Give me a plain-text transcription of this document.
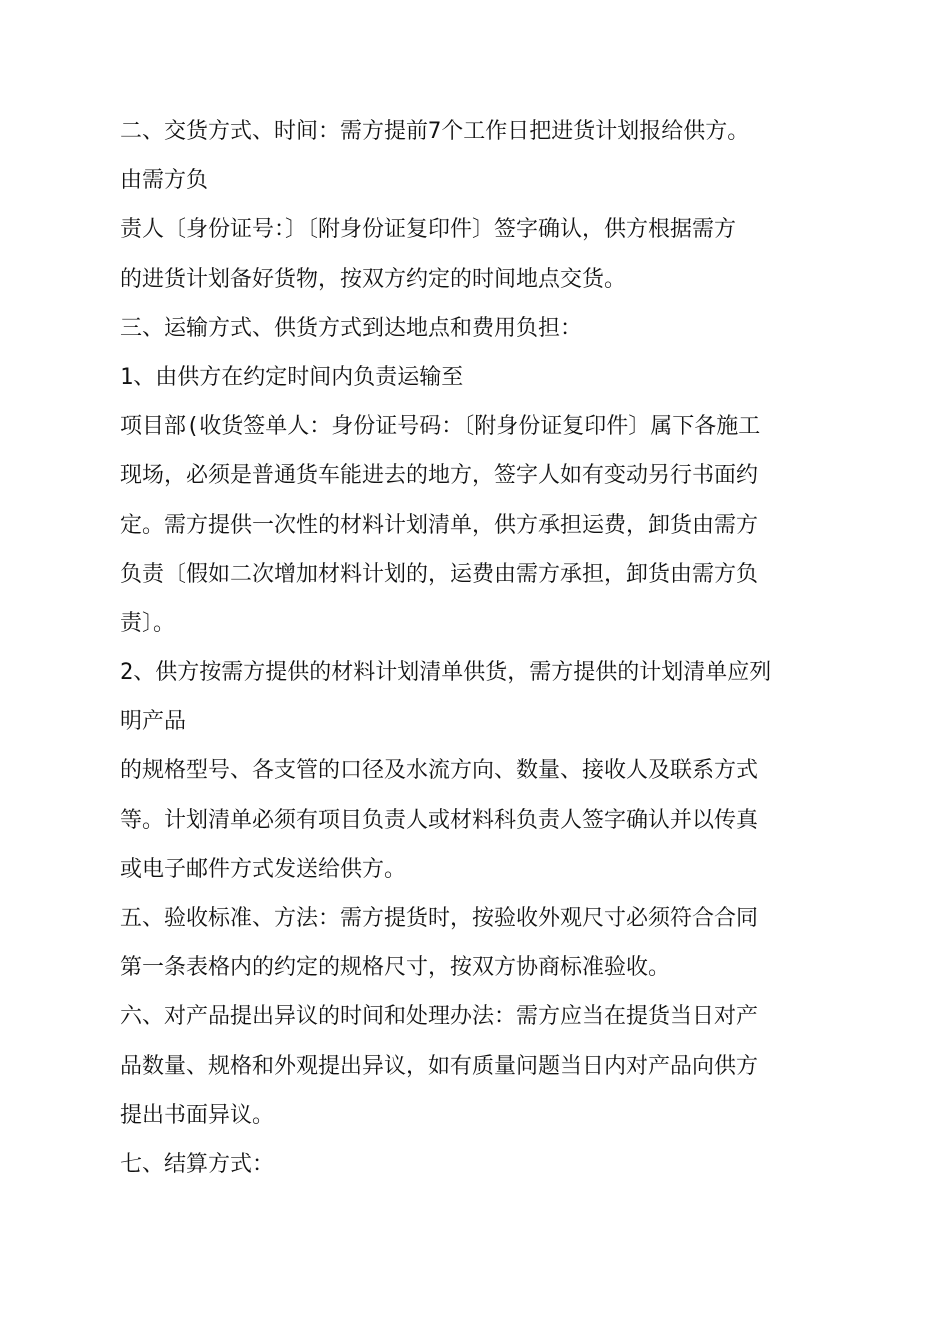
二、交货方式、时间：需方提前7个工作日把进货计划报给供方。
由需方负
责人〔身份证号：〕〔附身份证复印件〕签字确认，供方根据需方
的进货计划备好货物，按双方约定的时间地点交货。
三、运输方式、供货方式到达地点和费用负担：
1、由供方在约定时间内负责运输至
项目部(收货签单人：身份证号码：〔附身份证复印件〕属下各施工
现场，必须是普通货车能进去的地方，签字人如有变动另行书面约
定。需方提供一次性的材料计划清单，供方承担运费，卸货由需方
负责〔假如二次增加材料计划的，运费由需方承担，卸货由需方负
责〕。
2、供方按需方提供的材料计划清单供货，需方提供的计划清单应列
明产品
的规格型号、各支管的口径及水流方向、数量、接收人及联系方式
等。计划清单必须有项目负责人或材料科负责人签字确认并以传真
或电子邮件方式发送给供方。
五、验收标准、方法：需方提货时，按验收外观尺寸必须符合合同
第一条表格内的约定的规格尺寸，按双方协商标准验收。
六、对产品提出异议的时间和处理办法：需方应当在提货当日对产
品数量、规格和外观提出异议，如有质量问题当日内对产品向供方
提出书面异议。
七、结算方式：
